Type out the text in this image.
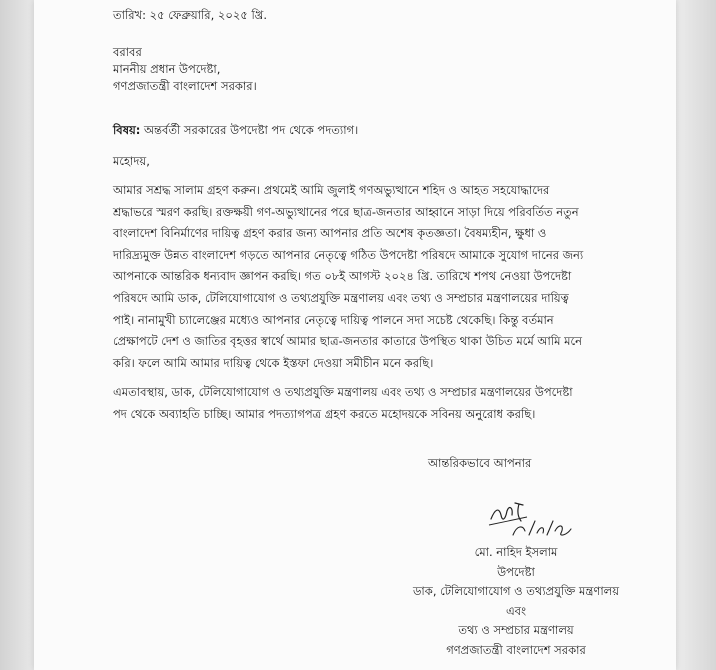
তারিখ: ২৫ ফেব্রুয়ারি, ২০২৫ খ্রি.
বরাবর
মাননীয় প্রধান উপদেষ্টা,
গণপ্রজাতন্ত্রী বাংলাদেশ সরকার।
বিষয়: অন্তর্বর্তী সরকারের উপদেষ্টা পদ থেকে পদত্যাগ।
মহোদয়,
আমার সশ্রদ্ধ সালাম গ্রহণ করুন। প্রথমেই আমি জুলাই গণঅভ্যুত্থানে শহিদ ও আহত সহযোদ্ধাদের
শ্রদ্ধাভরে স্মরণ করছি। রক্তক্ষয়ী গণ-অভ্যুত্থানের পরে ছাত্র-জনতার আহ্বানে সাড়া দিয়ে পরিবর্তিত নতুন
বাংলাদেশ বিনির্মাণের দায়িত্ব গ্রহণ করার জন্য আপনার প্রতি অশেষ কৃতজ্ঞতা। বৈষম্যহীন, ক্ষুধা ও
দারিদ্র্যমুক্ত উন্নত বাংলাদেশ গড়তে আপনার নেতৃত্বে গঠিত উপদেষ্টা পরিষদে আমাকে সুযোগ দানের জন্য
আপনাকে আন্তরিক ধন্যবাদ জ্ঞাপন করছি। গত ০৮ই আগস্ট ২০২৪ খ্রি. তারিখে শপথ নেওয়া উপদেষ্টা
পরিষদে আমি ডাক, টেলিযোগাযোগ ও তথ্যপ্রযুক্তি মন্ত্রণালয় এবং তথ্য ও সম্প্রচার মন্ত্রণালয়ের দায়িত্ব
পাই। নানামুখী চ্যালেঞ্জের মধ্যেও আপনার নেতৃত্বে দায়িত্ব পালনে সদা সচেষ্ট থেকেছি। কিন্তু বর্তমান
প্রেক্ষাপটে দেশ ও জাতির বৃহত্তর স্বার্থে আমার ছাত্র-জনতার কাতারে উপস্থিত থাকা উচিত মর্মে আমি মনে
করি। ফলে আমি আমার দায়িত্ব থেকে ইস্তফা দেওয়া সমীচীন মনে করছি।
এমতাবস্থায়, ডাক, টেলিযোগাযোগ ও তথ্যপ্রযুক্তি মন্ত্রণালয় এবং তথ্য ও সম্প্রচার মন্ত্রণালয়ের উপদেষ্টা
পদ থেকে অব্যাহতি চাচ্ছি। আমার পদত্যাগপত্র গ্রহণ করতে মহোদয়কে সবিনয় অনুরোধ করছি।
আন্তরিকভাবে আপনার
মো. নাহিদ ইসলাম
উপদেষ্টা
ডাক, টেলিযোগাযোগ ও তথ্যপ্রযুক্তি মন্ত্রণালয়
এবং
তথ্য ও সম্প্রচার মন্ত্রণালয়
গণপ্রজাতন্ত্রী বাংলাদেশ সরকার
